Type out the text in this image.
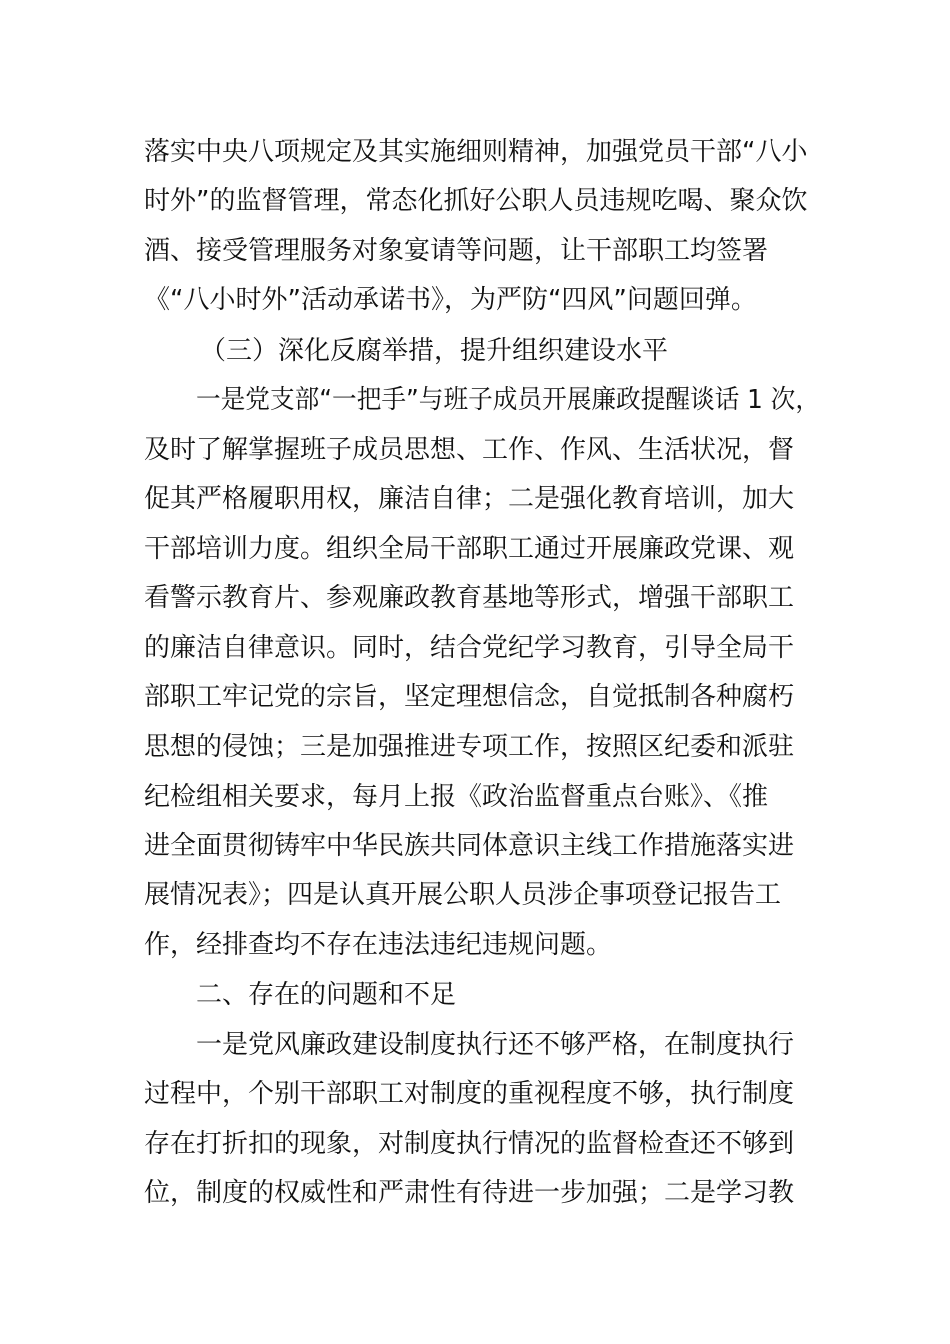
落实中央八项规定及其实施细则精神，加强党员干部“八小
时外”的监督管理，常态化抓好公职人员违规吃喝、聚众饮
酒、接受管理服务对象宴请等问题，让干部职工均签署
《“八小时外”活动承诺书》，为严防“四风”问题回弹。
（三）深化反腐举措，提升组织建设水平
一是党支部“一把手”与班子成员开展廉政提醒谈话 1 次，
及时了解掌握班子成员思想、工作、作风、生活状况，督
促其严格履职用权，廉洁自律；二是强化教育培训，加大
干部培训力度。组织全局干部职工通过开展廉政党课、观
看警示教育片、参观廉政教育基地等形式，增强干部职工
的廉洁自律意识。同时，结合党纪学习教育，引导全局干
部职工牢记党的宗旨，坚定理想信念，自觉抵制各种腐朽
思想的侵蚀；三是加强推进专项工作，按照区纪委和派驻
纪检组相关要求，每月上报《政治监督重点台账》、《推
进全面贯彻铸牢中华民族共同体意识主线工作措施落实进
展情况表》；四是认真开展公职人员涉企事项登记报告工
作，经排查均不存在违法违纪违规问题。
二、存在的问题和不足
一是党风廉政建设制度执行还不够严格，在制度执行
过程中，个别干部职工对制度的重视程度不够，执行制度
存在打折扣的现象，对制度执行情况的监督检查还不够到
位，制度的权威性和严肃性有待进一步加强；二是学习教
